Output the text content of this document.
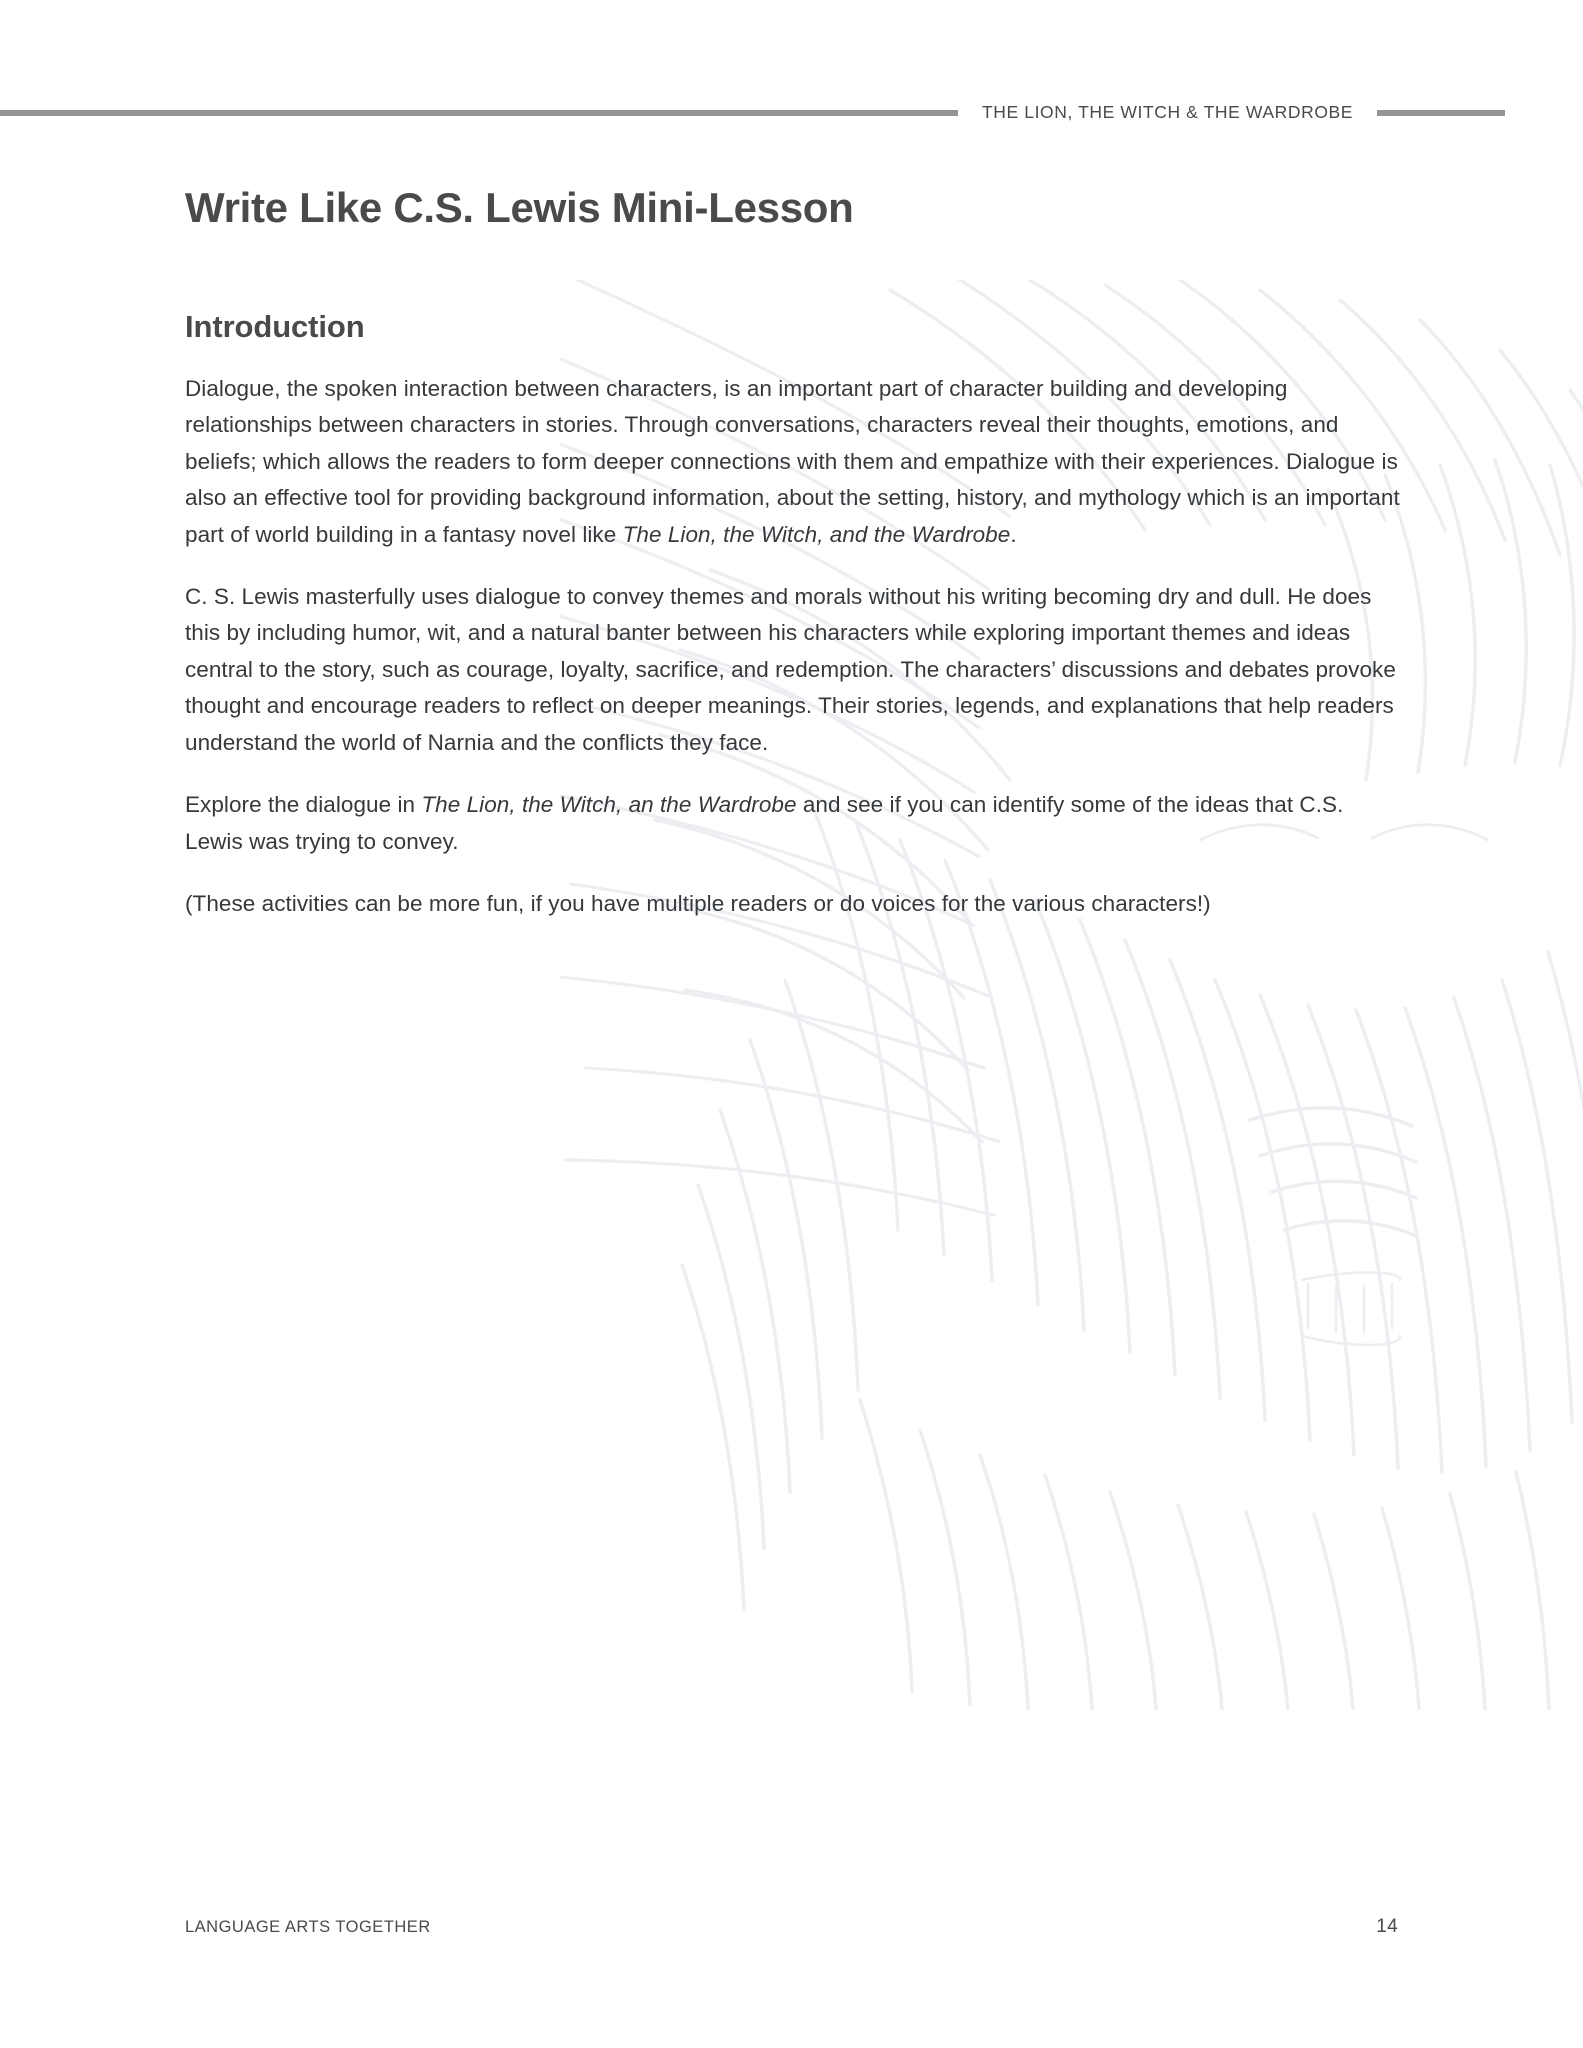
THE LION, THE WITCH & THE WARDROBE
Write Like C.S. Lewis Mini-Lesson
Introduction

Dialogue, the spoken interaction between characters, is an important part of character building and developing relationships between characters in stories. Through conversations, characters reveal their thoughts, emotions, and beliefs; which allows the readers to form deeper connections with them and empathize with their experiences. Dialogue is also an effective tool for providing background information, about the setting, history, and mythology which is an important part of world building in a fantasy novel like The Lion, the Witch, and the Wardrobe.

C. S. Lewis masterfully uses dialogue to convey themes and morals without his writing becoming dry and dull. He does this by including humor, wit, and a natural banter between his characters while exploring important themes and ideas central to the story, such as courage, loyalty, sacrifice, and redemption. The characters’ discussions and debates provoke thought and encourage readers to reflect on deeper meanings. Their stories, legends, and explanations that help readers understand the world of Narnia and the conflicts they face.

Explore the dialogue in The Lion, the Witch, an the Wardrobe and see if you can identify some of the ideas that C.S. Lewis was trying to convey.

(These activities can be more fun, if you have multiple readers or do voices for the various characters!)

LANGUAGE ARTS TOGETHER	14
